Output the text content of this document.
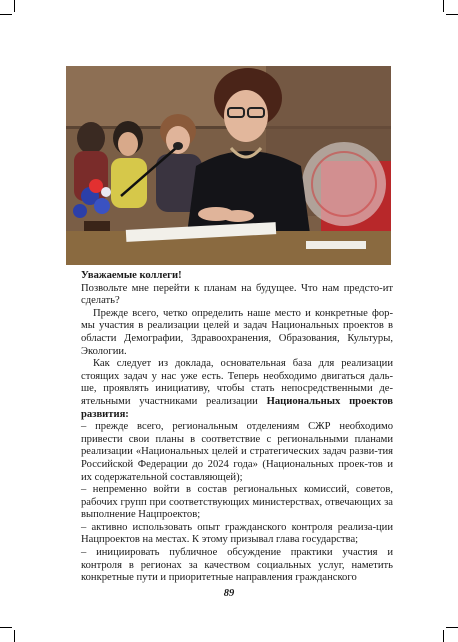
Уважаемые коллеги!

Позвольте мне перейти к планам на будущее. Что нам предсто-ит сделать?

Прежде всего, четко определить наше место и конкретные фор-мы участия в реализации целей и задач Национальных проектов в области Демографии, Здравоохранения, Образования, Культуры, Экологии.

Как следует из доклада, основательная база для реализации стоящих задач у нас уже есть. Теперь необходимо двигаться даль-ше, проявлять инициативу, чтобы стать непосредственными де-ятельными участниками реализации Национальных проектов развития:

– прежде всего, региональным отделениям СЖР необходимо привести свои планы в соответствие с региональными планами реализации «Национальных целей и стратегических задач разви-тия Российской Федерации до 2024 года» (Национальных проек-тов и их содержательной составляющей);

– непременно войти в состав региональных комиссий, советов, рабочих групп при соответствующих министерствах, отвечающих за выполнение Нацпроектов;

– активно использовать опыт гражданского контроля реализа-ции Нацпроектов на местах. К этому призывал глава государства;

– инициировать публичное обсуждение практики участия и контроля в регионах за качеством социальных услуг, наметить конкретные пути и приоритетные направления гражданского

89
